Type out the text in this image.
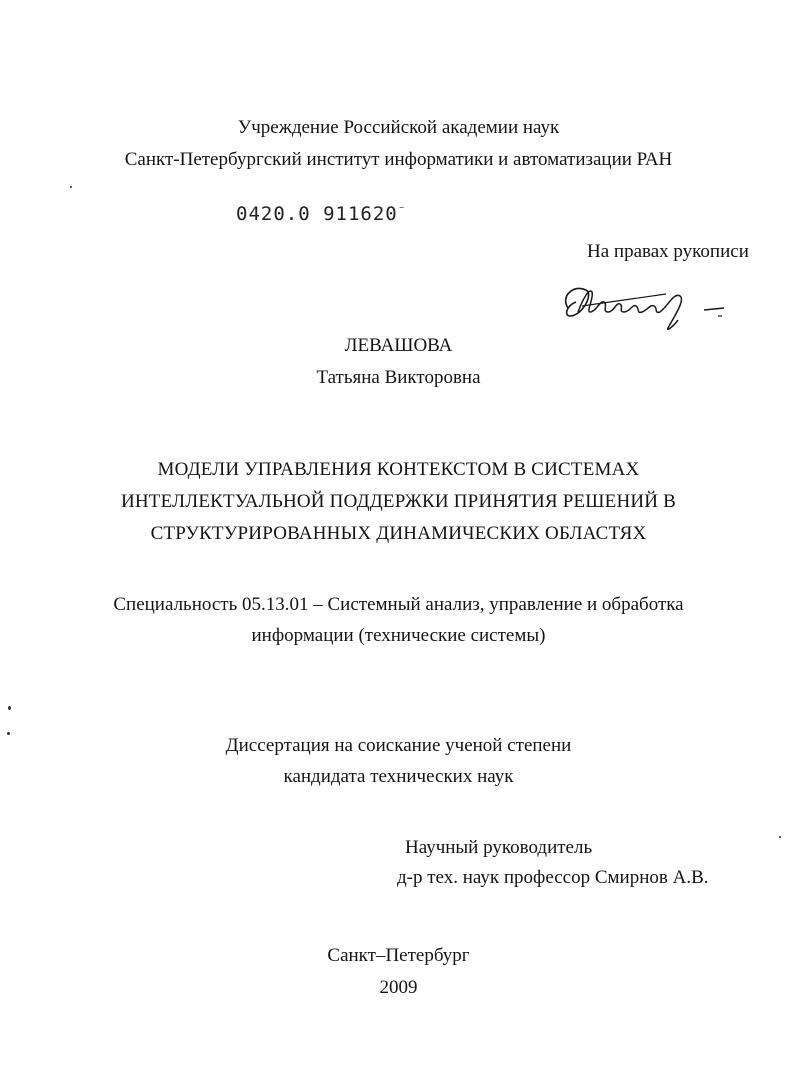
Учреждение Российской академии наук
Санкт-Петербургский институт информатики и автоматизации РАН
0420.0 911620⁻
На правах рукописи
ЛЕВАШОВА
Татьяна Викторовна
МОДЕЛИ УПРАВЛЕНИЯ КОНТЕКСТОМ В СИСТЕМАХ
ИНТЕЛЛЕКТУАЛЬНОЙ ПОДДЕРЖКИ ПРИНЯТИЯ РЕШЕНИЙ В
СТРУКТУРИРОВАННЫХ ДИНАМИЧЕСКИХ ОБЛАСТЯХ
Специальность 05.13.01 – Системный анализ, управление и обработка
информации (технические системы)
Диссертация на соискание ученой степени
кандидата технических наук
Научный руководитель
д-р тех. наук профессор Смирнов А.В.
Санкт–Петербург
2009
